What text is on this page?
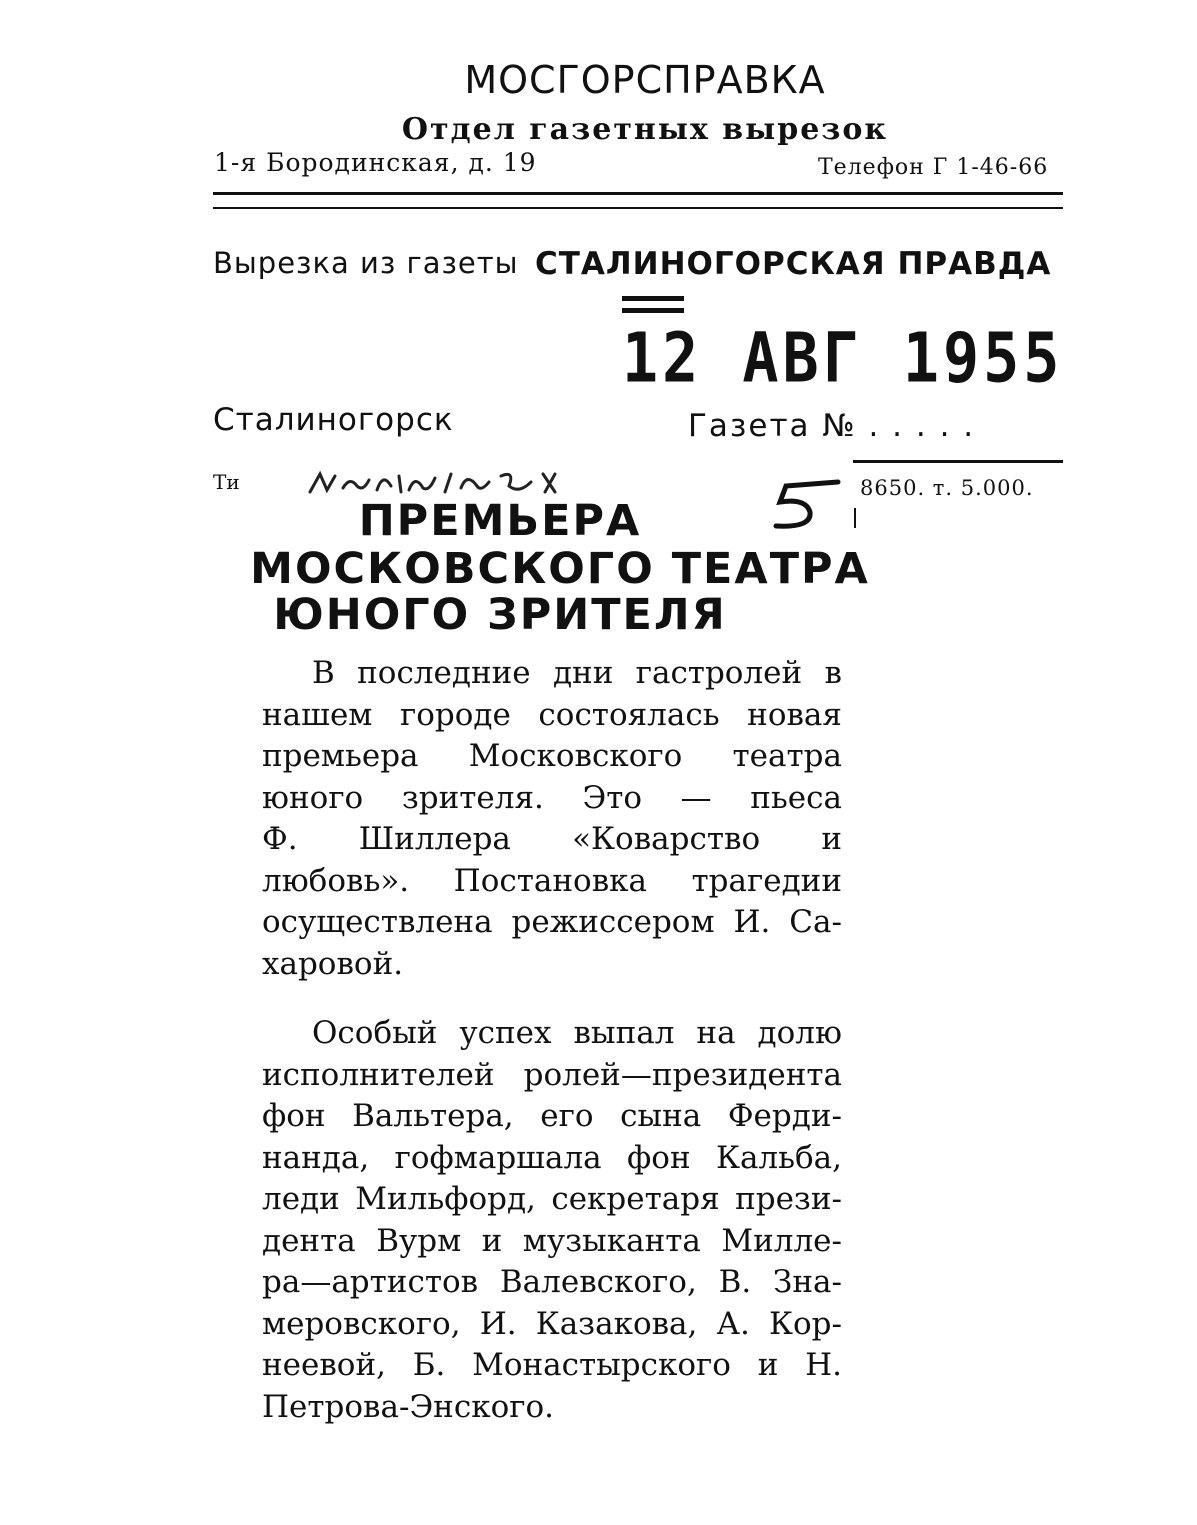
МОСГОРСПРАВКА
Отдел газетных вырезок
1-я Бородинская, д. 19	Телефон Г 1-46-66
Вырезка из газеты СТАЛИНОГОРСКАЯ ПРАВДА
12 АВГ 1955
Сталиногорск	Газета № . . . . .
Ти	8650. т. 5.000.
ПРЕМЬЕРА
МОСКОВСКОГО ТЕАТРА
ЮНОГО ЗРИТЕЛЯ
В последние дни гастролей в
нашем городе состоялась новая
премьера Московского театра
юного зрителя. Это — пьеса
Ф. Шиллера «Коварство и
любовь». Постановка трагедии
осуществлена режиссером И. Са-
харовой.
Особый успех выпал на долю
исполнителей ролей—президента
фон Вальтера, его сына Ферди-
нанда, гофмаршала фон Кальба,
леди Мильфорд, секретаря прези-
дента Вурм и музыканта Милле-
ра—артистов Валевского, В. Зна-
меровского, И. Казакова, А. Кор-
неевой, Б. Монастырского и Н.
Петрова-Энского.
